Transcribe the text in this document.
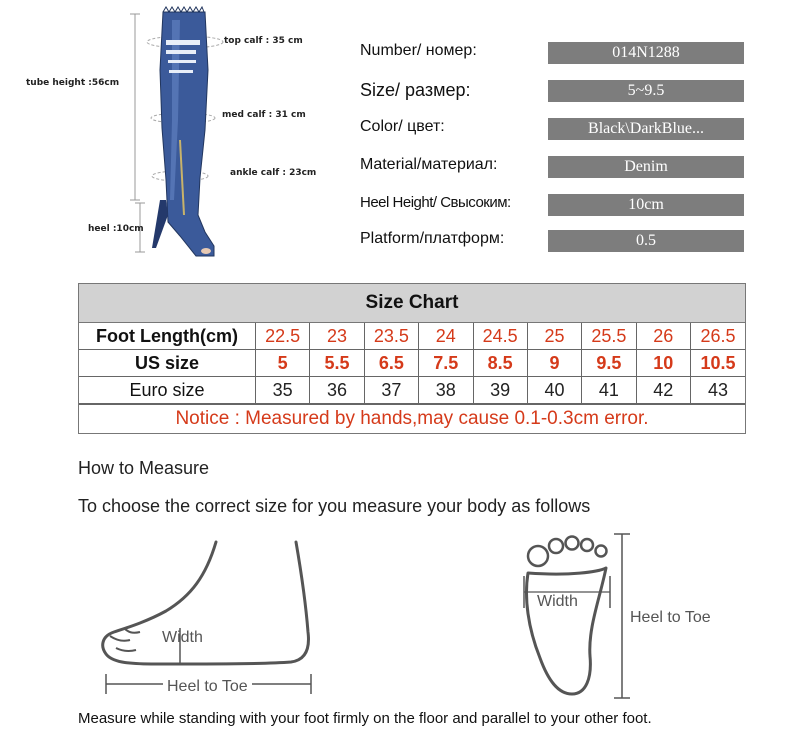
tube height :56cm
top calf : 35 cm
med calf : 31 cm
ankle calf : 23cm
heel :10cm
Number/ номер:	014N1288
Size/ размер:	5~9.5
Color/ цвет:	Black\DarkBlue...
Material/материал:	Denim
Heel Height/ Свысоким:	10cm
Platform/платформ:	0.5
Size Chart
Foot Length(cm)	22.5	23	23.5	24	24.5	25	25.5	26	26.5
US size	5	5.5	6.5	7.5	8.5	9	9.5	10	10.5
Euro size	35	36	37	38	39	40	41	42	43
Notice : Measured by hands,may cause 0.1-0.3cm error.
How to Measure
To choose the correct size for you measure your body as follows
Width
Heel to Toe
Width
Heel to Toe
Measure while standing with your foot firmly on the floor and parallel to your other foot.
